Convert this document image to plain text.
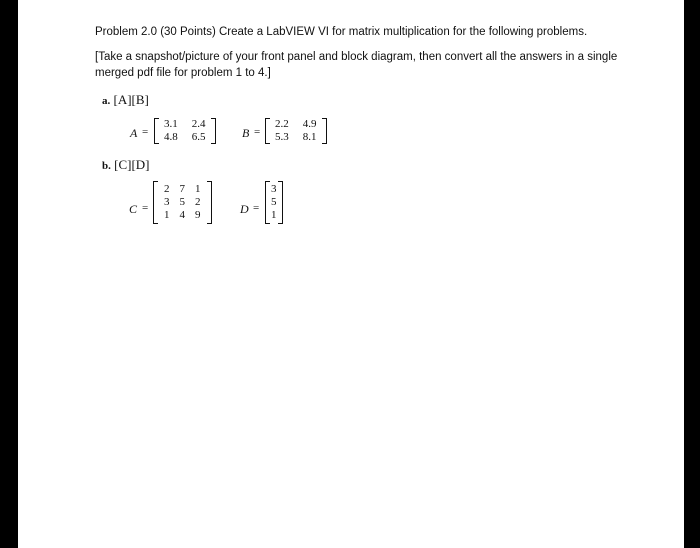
Problem 2.0 (30 Points) Create a LabVIEW VI for matrix multiplication for the following problems.
[Take a snapshot/picture of your front panel and block diagram, then convert all the answers in a single
merged pdf file for problem 1 to 4.]
a. [A][B]
A =
3.1	2.4
4.8	6.5	B =
2.2	4.9
5.3	8.1
b. [C][D]
C =
2	7	1
3	5	2
1	4	9	D =
3
5
1
